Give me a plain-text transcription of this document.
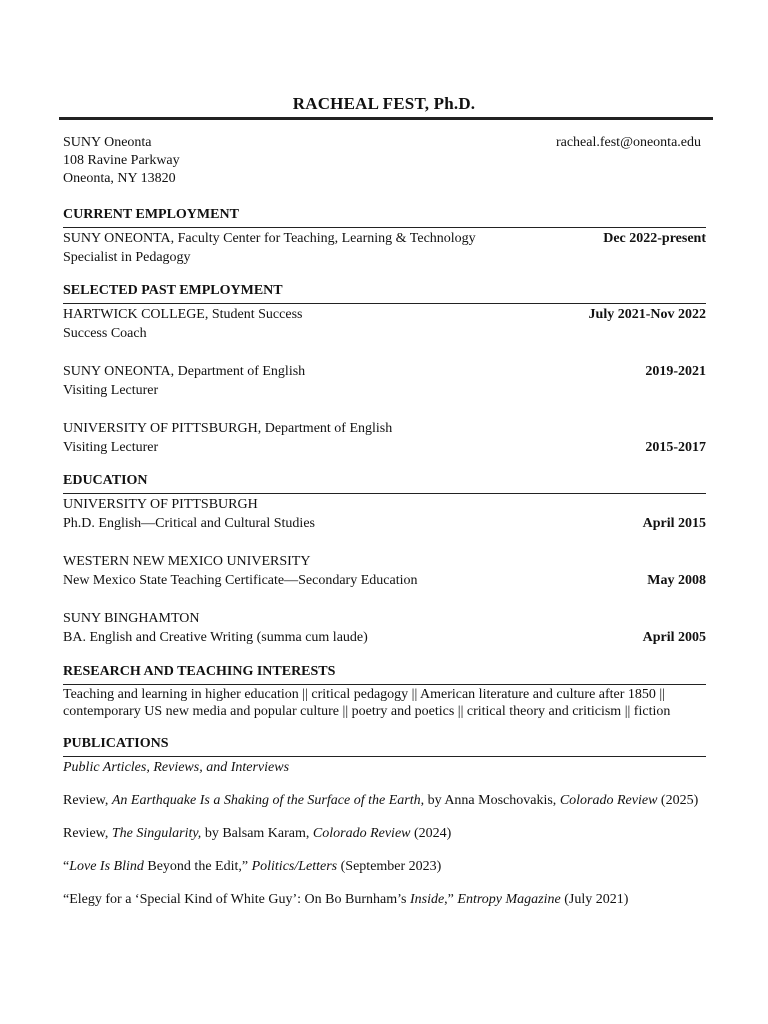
RACHEAL FEST, Ph.D.
SUNY Oneonta
108 Ravine Parkway
Oneonta, NY 13820
racheal.fest@oneonta.edu
CURRENT EMPLOYMENT
SUNY ONEONTA, Faculty Center for Teaching, Learning & Technology	Dec 2022-present
Specialist in Pedagogy
SELECTED PAST EMPLOYMENT
HARTWICK COLLEGE, Student Success	July 2021-Nov 2022
Success Coach
SUNY ONEONTA, Department of English	2019-2021
Visiting Lecturer
UNIVERSITY OF PITTSBURGH, Department of English
Visiting Lecturer	2015-2017
EDUCATION
UNIVERSITY OF PITTSBURGH
Ph.D. English—Critical and Cultural Studies	April 2015
WESTERN NEW MEXICO UNIVERSITY
New Mexico State Teaching Certificate—Secondary Education	May 2008
SUNY BINGHAMTON
BA. English and Creative Writing (summa cum laude)	April 2005
RESEARCH AND TEACHING INTERESTS
Teaching and learning in higher education || critical pedagogy || American literature and culture after 1850 ||
contemporary US new media and popular culture || poetry and poetics || critical theory and criticism || fiction
PUBLICATIONS
Public Articles, Reviews, and Interviews
Review, An Earthquake Is a Shaking of the Surface of the Earth, by Anna Moschovakis, Colorado Review (2025)
Review, The Singularity, by Balsam Karam, Colorado Review (2024)
“Love Is Blind Beyond the Edit,” Politics/Letters (September 2023)
“Elegy for a ‘Special Kind of White Guy’: On Bo Burnham’s Inside,” Entropy Magazine (July 2021)
